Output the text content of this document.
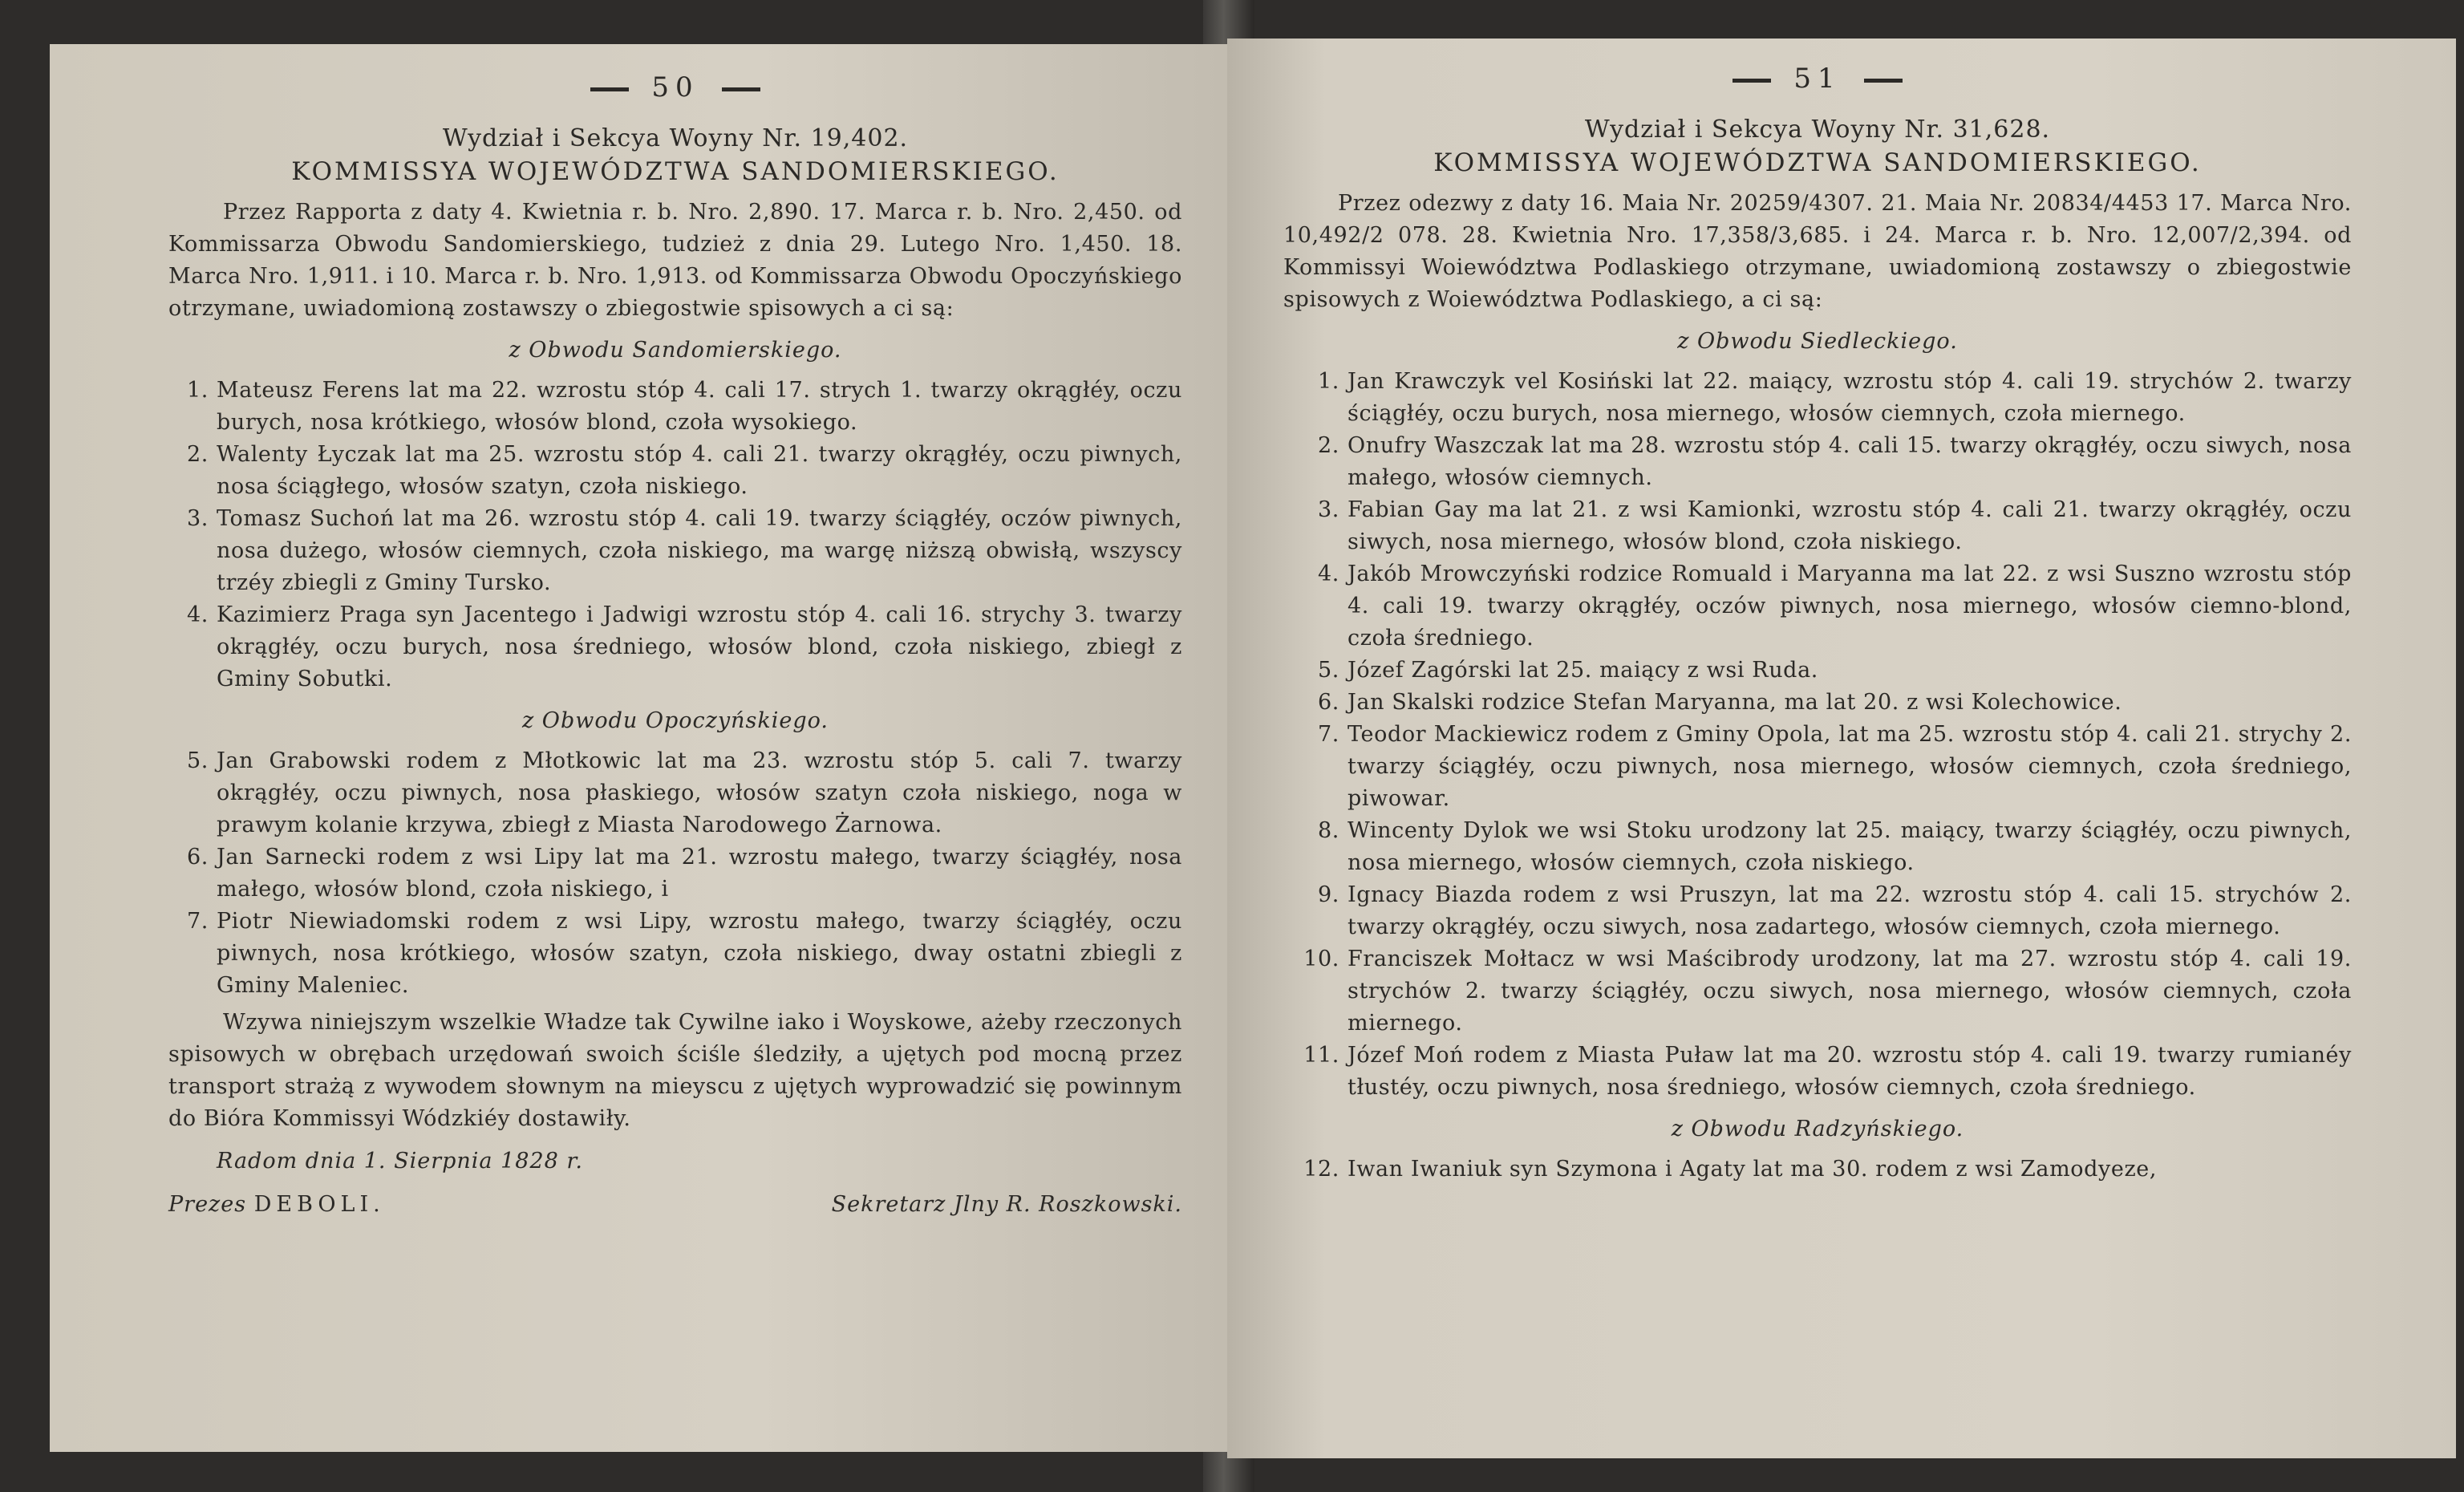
50
Wydział i Sekcya Woyny Nr. 19,402.
KOMMISSYA WOJEWÓDZTWA SANDOMIERSKIEGO.
Przez Rapporta z daty 4. Kwietnia r. b. Nro. 2,890. 17. Marca r. b. Nro. 2,450. od Kommissarza Obwodu Sandomierskiego, tudzież z dnia 29. Lutego Nro. 1,450. 18. Marca Nro. 1,911. i 10. Marca r. b. Nro. 1,913. od Kommissarza Obwodu Opoczyńskiego otrzymane, uwiadomioną zostawszy o zbiegostwie spisowych a ci są:
z Obwodu Sandomierskiego.
1. Mateusz Ferens lat ma 22. wzrostu stóp 4. cali 17. strych 1. twarzy okrągłéy, oczu burych, nosa krótkiego, włosów blond, czoła wysokiego.
2. Walenty Łyczak lat ma 25. wzrostu stóp 4. cali 21. twarzy okrągłéy, oczu piwnych, nosa ściągłego, włosów szatyn, czoła niskiego.
3. Tomasz Suchoń lat ma 26. wzrostu stóp 4. cali 19. twarzy ściągłéy, oczów piwnych, nosa dużego, włosów ciemnych, czoła niskiego, ma wargę niższą obwisłą, wszyscy trzéy zbiegli z Gminy Tursko.
4. Kazimierz Praga syn Jacentego i Jadwigi wzrostu stóp 4. cali 16. strychy 3. twarzy okrągłéy, oczu burych, nosa średniego, włosów blond, czoła niskiego, zbiegł z Gminy Sobutki.
z Obwodu Opoczyńskiego.
5. Jan Grabowski rodem z Młotkowic lat ma 23. wzrostu stóp 5. cali 7. twarzy okrągłéy, oczu piwnych, nosa płaskiego, włosów szatyn czoła niskiego, noga w prawym kolanie krzywa, zbiegł z Miasta Narodowego Żarnowa.
6. Jan Sarnecki rodem z wsi Lipy lat ma 21. wzrostu małego, twarzy ściągłéy, nosa małego, włosów blond, czoła niskiego, i
7. Piotr Niewiadomski rodem z wsi Lipy, wzrostu małego, twarzy ściągłéy, oczu piwnych, nosa krótkiego, włosów szatyn, czoła niskiego, dway ostatni zbiegli z Gminy Maleniec.
Wzywa niniejszym wszelkie Władze tak Cywilne iako i Woyskowe, ażeby rzeczonych spisowych w obrębach urzędowań swoich ściśle śledziły, a ujętych pod mocną przez transport strażą z wywodem słownym na mieyscu z ujętych wyprowadzić się powinnym do Bióra Kommissyi Wódzkiéy dostawiły.
Radom dnia 1. Sierpnia 1828 r.
Prezes DEBOLI.	Sekretarz Jlny R. Roszkowski.
51
Wydział i Sekcya Woyny Nr. 31,628.
KOMMISSYA WOJEWÓDZTWA SANDOMIERSKIEGO.
Przez odezwy z daty 16. Maia Nr. 20259/4307. 21. Maia Nr. 20834/4453 17. Marca Nro. 10,492/2 078. 28. Kwietnia Nro. 17,358/3,685. i 24. Marca r. b. Nro. 12,007/2,394. od Kommissyi Woiewództwa Podlaskiego otrzymane, uwiadomioną zostawszy o zbiegostwie spisowych z Woiewództwa Podlaskiego, a ci są:
z Obwodu Siedleckiego.
1. Jan Krawczyk vel Kosiński lat 22. maiący, wzrostu stóp 4. cali 19. strychów 2. twarzy ściągłéy, oczu burych, nosa miernego, włosów ciemnych, czoła miernego.
2. Onufry Waszczak lat ma 28. wzrostu stóp 4. cali 15. twarzy okrągłéy, oczu siwych, nosa małego, włosów ciemnych.
3. Fabian Gay ma lat 21. z wsi Kamionki, wzrostu stóp 4. cali 21. twarzy okrągłéy, oczu siwych, nosa miernego, włosów blond, czoła niskiego.
4. Jakób Mrowczyński rodzice Romuald i Maryanna ma lat 22. z wsi Suszno wzrostu stóp 4. cali 19. twarzy okrągłéy, oczów piwnych, nosa miernego, włosów ciemno-blond, czoła średniego.
5. Józef Zagórski lat 25. maiący z wsi Ruda.
6. Jan Skalski rodzice Stefan Maryanna, ma lat 20. z wsi Kolechowice.
7. Teodor Mackiewicz rodem z Gminy Opola, lat ma 25. wzrostu stóp 4. cali 21. strychy 2. twarzy ściągłéy, oczu piwnych, nosa miernego, włosów ciemnych, czoła średniego, piwowar.
8. Wincenty Dylok we wsi Stoku urodzony lat 25. maiący, twarzy ściągłéy, oczu piwnych, nosa miernego, włosów ciemnych, czoła niskiego.
9. Ignacy Biazda rodem z wsi Pruszyn, lat ma 22. wzrostu stóp 4. cali 15. strychów 2. twarzy okrągłéy, oczu siwych, nosa zadartego, włosów ciemnych, czoła miernego.
10. Franciszek Mołtacz w wsi Maścibrody urodzony, lat ma 27. wzrostu stóp 4. cali 19. strychów 2. twarzy ściągłéy, oczu siwych, nosa miernego, włosów ciemnych, czoła miernego.
11. Józef Moń rodem z Miasta Puław lat ma 20. wzrostu stóp 4. cali 19. twarzy rumianéy tłustéy, oczu piwnych, nosa średniego, włosów ciemnych, czoła średniego.
z Obwodu Radzyńskiego.
12. Iwan Iwaniuk syn Szymona i Agaty lat ma 30. rodem z wsi Zamodyeze,
